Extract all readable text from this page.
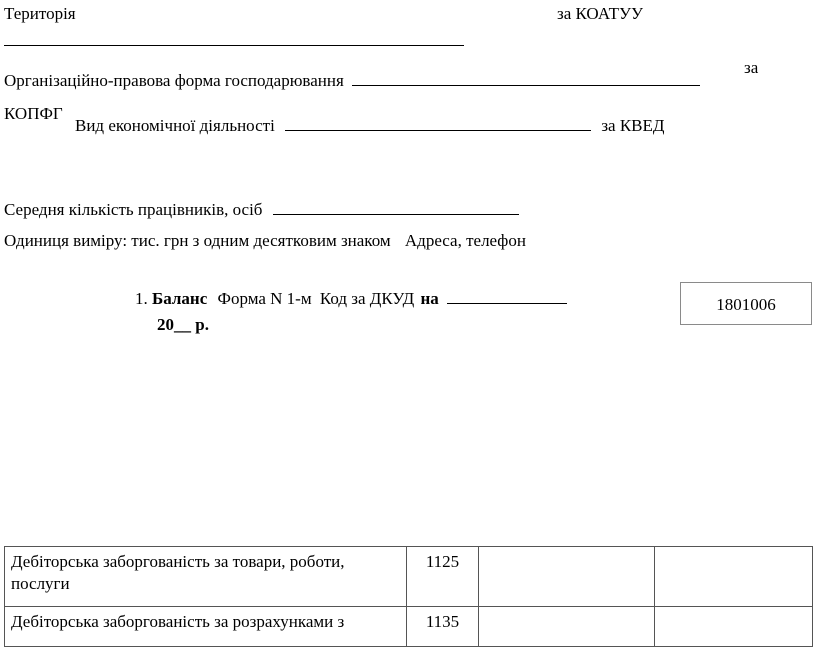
Територія	за КОАТУУ
Організаційно-правова форма господарювання
за
КОПФГ
Вид економічної діяльності	за КВЕД
Середня кількість працівників, осіб
Одиниця виміру: тис. грн з одним десятковим знаком Адреса, телефон
1. Баланс Форма N 1-м Код за ДКУД на
20__ р.
1801006
Дебіторська заборгованість за товари, роботи, послуги	1125		
Дебіторська заборгованість за розрахунками з	1135		
